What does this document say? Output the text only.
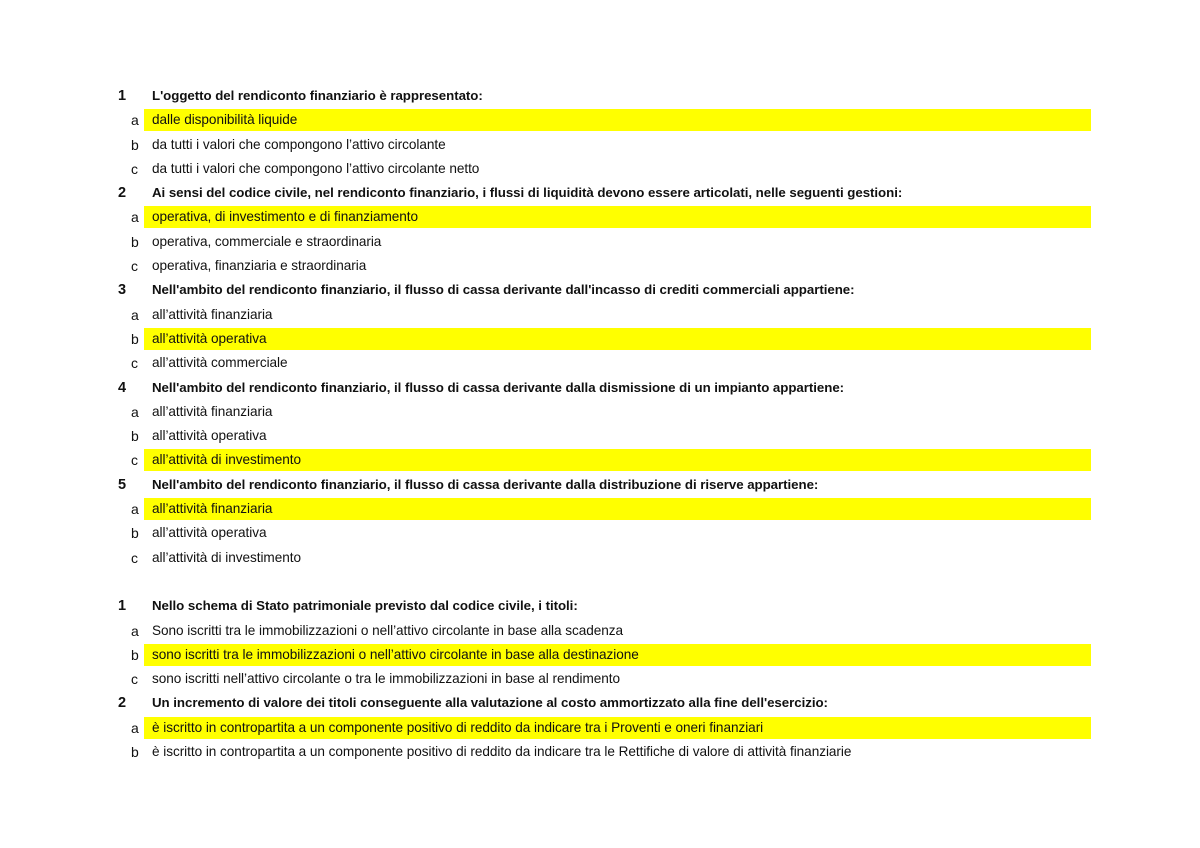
1	L'oggetto del rendiconto finanziario è rappresentato:
a dalle disponibilità liquide
b da tutti i valori che compongono l’attivo circolante
c	da tutti i valori che compongono l’attivo circolante netto
2	Ai sensi del codice civile, nel rendiconto finanziario, i flussi di liquidità devono essere articolati, nelle seguenti gestioni:
a operativa, di investimento e di finanziamento
b operativa, commerciale e straordinaria
c	operativa, finanziaria e straordinaria
3	Nell'ambito del rendiconto finanziario, il flusso di cassa derivante dall'incasso di crediti commerciali appartiene:
a all’attività finanziaria
b all’attività operativa
c	all’attività commerciale
4	Nell'ambito del rendiconto finanziario, il flusso di cassa derivante dalla dismissione di un impianto appartiene:
a all’attività finanziaria
b all’attività operativa
c	all’attività di investimento
5	Nell'ambito del rendiconto finanziario, il flusso di cassa derivante dalla distribuzione di riserve appartiene:
a all’attività finanziaria
b all’attività operativa
c	all’attività di investimento
1	Nello schema di Stato patrimoniale previsto dal codice civile, i titoli:
a Sono iscritti tra le immobilizzazioni o nell’attivo circolante in base alla scadenza
b sono iscritti tra le immobilizzazioni o nell’attivo circolante in base alla destinazione
c	sono iscritti nell’attivo circolante o tra le immobilizzazioni in base al rendimento
2	Un incremento di valore dei titoli conseguente alla valutazione al costo ammortizzato alla fine dell'esercizio:
a è iscritto in contropartita a un componente positivo di reddito da indicare tra i Proventi e oneri finanziari
b è iscritto in contropartita a un componente positivo di reddito da indicare tra le Rettifiche di valore di attività finanziarie
